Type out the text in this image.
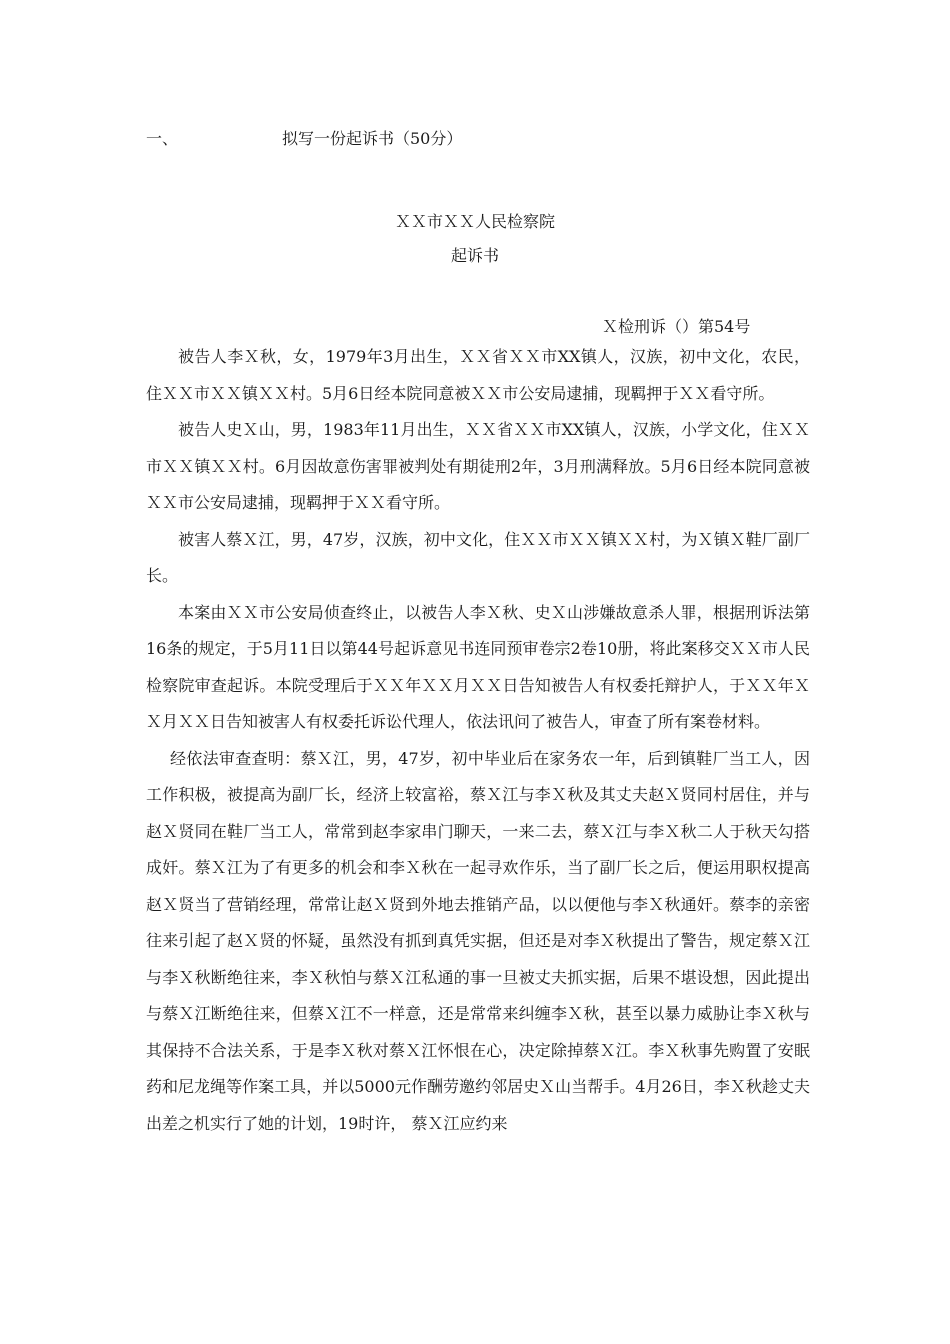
一、	拟写一份起诉书（50分）
ＸＸ市ＸＸ人民检察院
起诉书
Ｘ检刑诉（）第54号

被告人李Ｘ秋，女，1979年3月出生，ＸＸ省ＸＸ市XX镇人，汉族，初中文化，农民，住ＸＸ市ＸＸ镇ＸＸ村。5月6日经本院同意被ＸＸ市公安局逮捕，现羁押于ＸＸ看守所。

被告人史Ｘ山，男，1983年11月出生，ＸＸ省ＸＸ市XX镇人，汉族，小学文化，住ＸＸ市ＸＸ镇ＸＸ村。6月因故意伤害罪被判处有期徒刑2年，3月刑满释放。5月6日经本院同意被ＸＸ市公安局逮捕，现羁押于ＸＸ看守所。

被害人蔡Ｘ江，男，47岁，汉族，初中文化，住ＸＸ市ＸＸ镇ＸＸ村，为Ｘ镇Ｘ鞋厂副厂长。

本案由ＸＸ市公安局侦查终止，以被告人李Ｘ秋、史Ｘ山涉嫌故意杀人罪，根据刑诉法第16条的规定，于5月11日以第44号起诉意见书连同预审卷宗2卷10册，将此案移交ＸＸ市人民检察院审查起诉。本院受理后于ＸＸ年ＸＸ月ＸＸ日告知被告人有权委托辩护人，于ＸＸ年ＸＸ月ＸＸ日告知被害人有权委托诉讼代理人，依法讯问了被告人，审查了所有案卷材料。

经依法审查查明：蔡Ｘ江，男，47岁，初中毕业后在家务农一年，后到镇鞋厂当工人，因工作积极，被提高为副厂长，经济上较富裕，蔡Ｘ江与李Ｘ秋及其丈夫赵Ｘ贤同村居住，并与赵Ｘ贤同在鞋厂当工人，常常到赵李家串门聊天，一来二去，蔡Ｘ江与李Ｘ秋二人于秋天勾搭成奸。蔡Ｘ江为了有更多的机会和李Ｘ秋在一起寻欢作乐，当了副厂长之后，便运用职权提高赵Ｘ贤当了营销经理，常常让赵Ｘ贤到外地去推销产品，以以便他与李Ｘ秋通奸。蔡李的亲密往来引起了赵Ｘ贤的怀疑，虽然没有抓到真凭实据，但还是对李Ｘ秋提出了警告，规定蔡Ｘ江与李Ｘ秋断绝往来，李Ｘ秋怕与蔡Ｘ江私通的事一旦被丈夫抓实据，后果不堪设想，因此提出与蔡Ｘ江断绝往来，但蔡Ｘ江不一样意，还是常常来纠缠李Ｘ秋，甚至以暴力威胁让李Ｘ秋与其保持不合法关系，于是李Ｘ秋对蔡Ｘ江怀恨在心，决定除掉蔡Ｘ江。李Ｘ秋事先购置了安眠药和尼龙绳等作案工具，并以5000元作酬劳邀约邻居史Ｘ山当帮手。4月26日，李Ｘ秋趁丈夫出差之机实行了她的计划，19时许， 蔡Ｘ江应约来
